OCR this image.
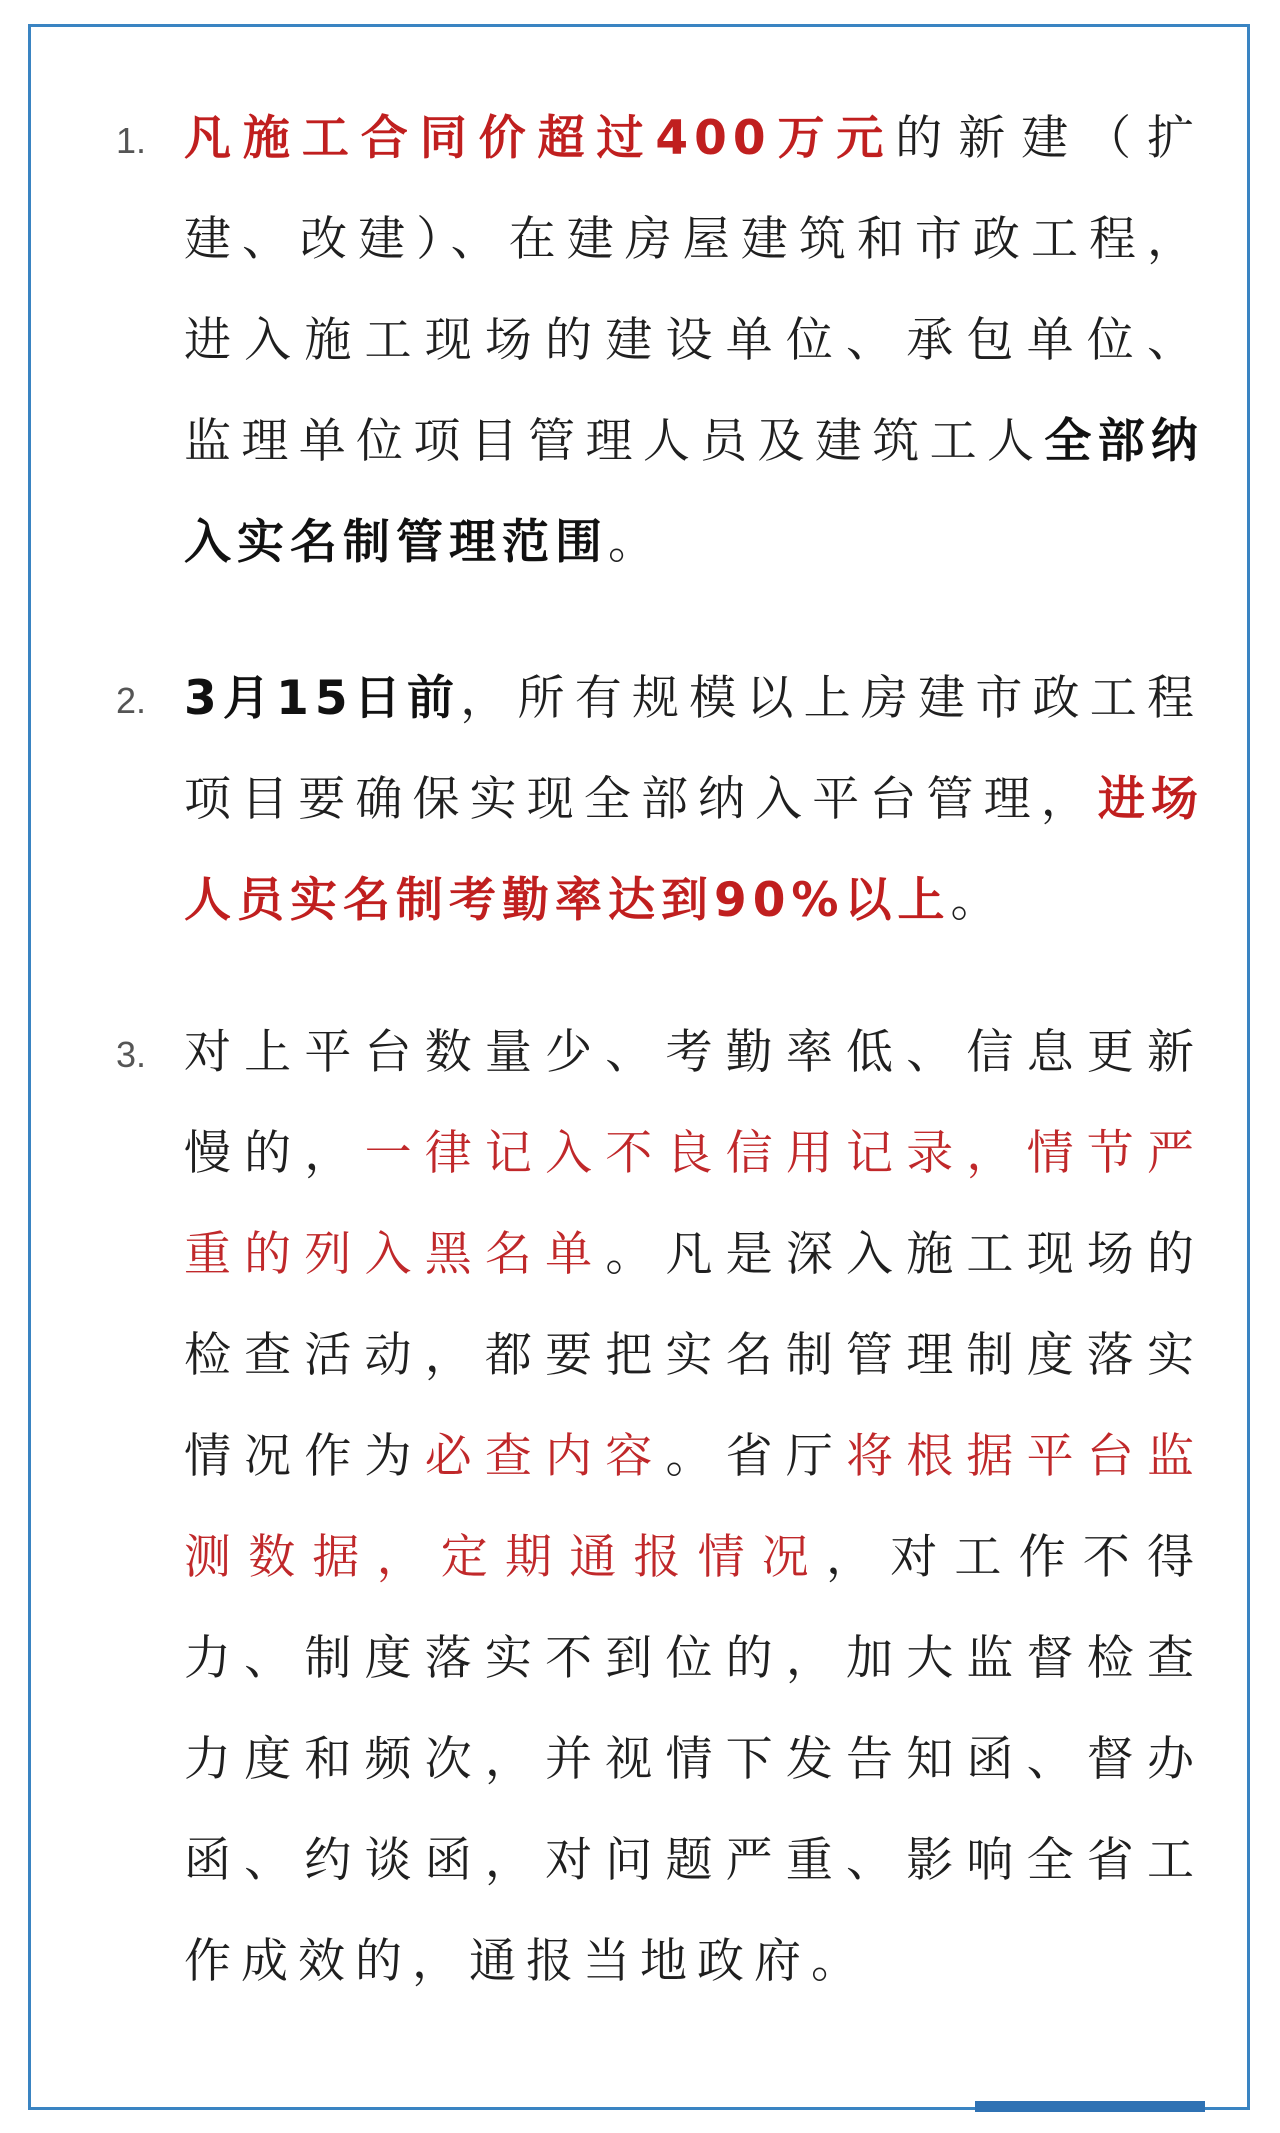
1. 凡施工合同价超过400万元的新建（扩建、改建）、在建房屋建筑和市政工程，进入施工现场的建设单位、承包单位、监理单位项目管理人员及建筑工人全部纳入实名制管理范围。

2. 3月15日前，所有规模以上房建市政工程项目要确保实现全部纳入平台管理，进场人员实名制考勤率达到90%以上。

3. 对上平台数量少、考勤率低、信息更新慢的，一律记入不良信用记录，情节严重的列入黑名单。凡是深入施工现场的检查活动，都要把实名制管理制度落实情况作为必查内容。省厅将根据平台监测数据，定期通报情况，对工作不得力、制度落实不到位的，加大监督检查力度和频次，并视情下发告知函、督办函、约谈函，对问题严重、影响全省工作成效的，通报当地政府。
